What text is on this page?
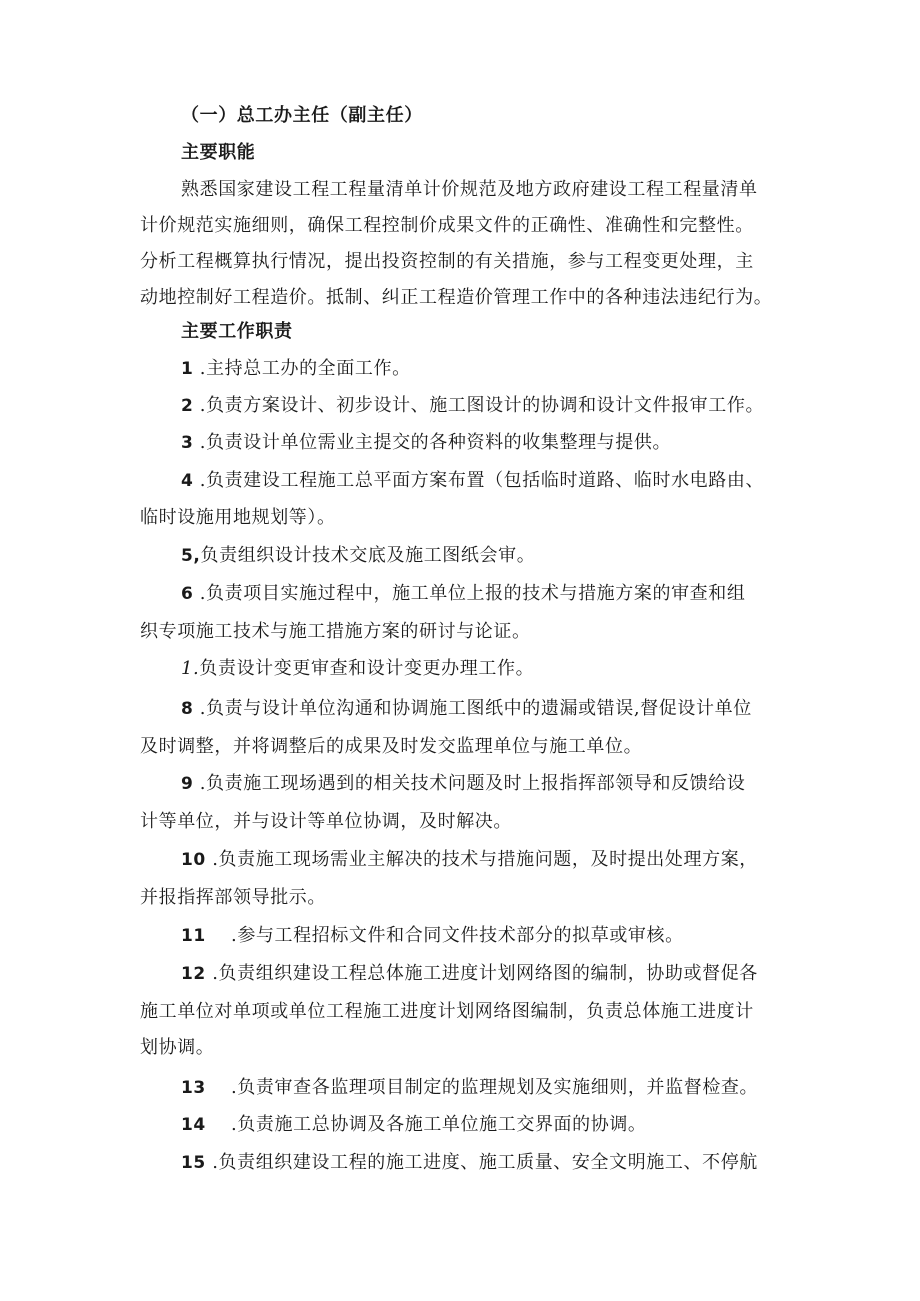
（一）总工办主任（副主任）
主要职能
熟悉国家建设工程工程量清单计价规范及地方政府建设工程工程量清单
计价规范实施细则，确保工程控制价成果文件的正确性、准确性和完整性。
分析工程概算执行情况，提出投资控制的有关措施，参与工程变更处理，主
动地控制好工程造价。抵制、纠正工程造价管理工作中的各种违法违纪行为。
主要工作职责
1 .主持总工办的全面工作。
2 .负责方案设计、初步设计、施工图设计的协调和设计文件报审工作。
3 .负责设计单位需业主提交的各种资料的收集整理与提供。
4 .负责建设工程施工总平面方案布置（包括临时道路、临时水电路由、
临时设施用地规划等）。
5,负责组织设计技术交底及施工图纸会审。
6 .负责项目实施过程中，施工单位上报的技术与措施方案的审查和组
织专项施工技术与施工措施方案的研讨与论证。
1.负责设计变更审查和设计变更办理工作。
8 .负责与设计单位沟通和协调施工图纸中的遗漏或错误,督促设计单位
及时调整，并将调整后的成果及时发交监理单位与施工单位。
9 .负责施工现场遇到的相关技术问题及时上报指挥部领导和反馈给设
计等单位，并与设计等单位协调，及时解决。
10 .负责施工现场需业主解决的技术与措施问题，及时提出处理方案，
并报指挥部领导批示。
11 .参与工程招标文件和合同文件技术部分的拟草或审核。
12 .负责组织建设工程总体施工进度计划网络图的编制，协助或督促各
施工单位对单项或单位工程施工进度计划网络图编制，负责总体施工进度计
划协调。
13 .负责审查各监理项目制定的监理规划及实施细则，并监督检查。
14 .负责施工总协调及各施工单位施工交界面的协调。
15 .负责组织建设工程的施工进度、施工质量、安全文明施工、不停航
